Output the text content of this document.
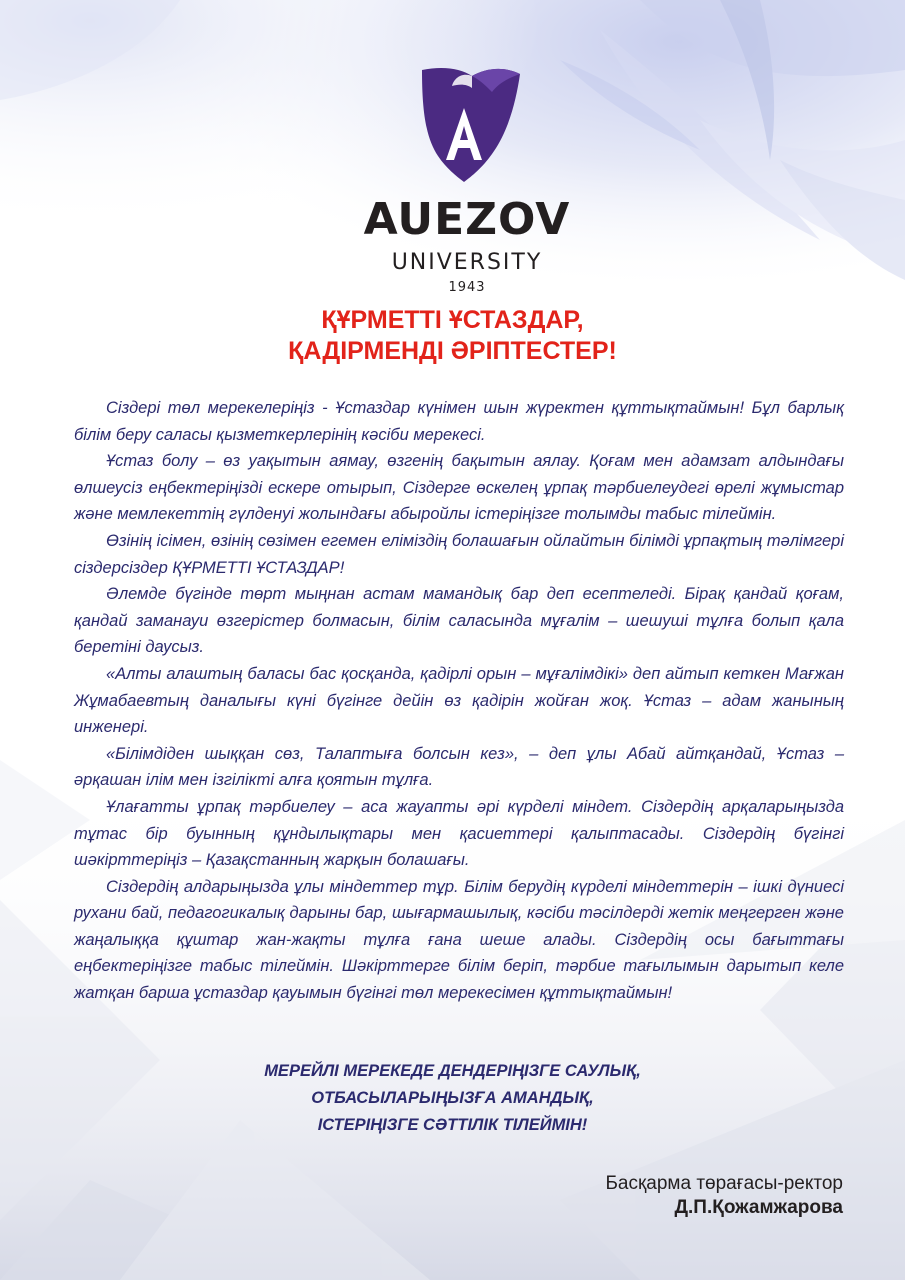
AUEZOV
UNIVERSITY
1943
ҚҰРМЕТТІ ҰСТАЗДАР,
ҚАДІРМЕНДІ ӘРІПТЕСТЕР!

Сіздері төл мерекелеріңіз - Ұстаздар күнімен шын жүректен құттықтаймын! Бұл барлық білім беру саласы қызметкерлерінің кәсіби мерекесі.

Ұстаз болу – өз уақытын аямау, өзгенің бақытын аялау. Қоғам мен адамзат алдындағы өлшеусіз еңбектеріңізді ескере отырып, Сіздерге өскелең ұрпақ тәрбиелеудегі өрелі жұмыстар және мемлекеттің гүлденуі жолындағы абыройлы істеріңізге толымды табыс тілеймін.

Өзінің ісімен, өзінің сөзімен егемен еліміздің болашағын ойлайтын білімді ұрпақтың тәлімгері сіздерсіздер ҚҰРМЕТТІ ҰСТАЗДАР!

Әлемде бүгінде төрт мыңнан астам мамандық бар деп есептеледі. Бірақ қандай қоғам, қандай заманауи өзгерістер болмасын, білім саласында мұғалім – шешуші тұлға болып қала беретіні даусыз.

«Алты алаштың баласы бас қосқанда, қадірлі орын – мұғалімдікі» деп айтып кеткен Мағжан Жұмабаевтың даналығы күні бүгінге дейін өз қадірін жойған жоқ. Ұстаз – адам жанының инженері.

«Білімдіден шыққан сөз, Талаптыға болсын кез», – деп ұлы Абай айтқандай, Ұстаз – әрқашан ілім мен ізгілікті алға қоятын тұлға.

Ұлағатты ұрпақ тәрбиелеу – аса жауапты әрі күрделі міндет. Сіздердің арқаларыңызда тұтас бір буынның құндылықтары мен қасиеттері қалыптасады. Сіздердің бүгінгі шәкірттеріңіз – Қазақстанның жарқын болашағы.

Сіздердің алдарыңызда ұлы міндеттер тұр. Білім берудің күрделі міндеттерін – ішкі дүниесі рухани бай, педагогикалық дарыны бар, шығармашылық, кәсіби тәсілдерді жетік меңгерген және жаңалыққа құштар жан-жақты тұлға ғана шеше алады. Сіздердің осы бағыттағы еңбектеріңізге табыс тілеймін. Шәкірттерге білім беріп, тәрбие тағылымын дарытып келе жатқан барша ұстаздар қауымын бүгінгі төл мерекесімен құттықтаймын!

МЕРЕЙЛІ МЕРЕКЕДЕ ДЕНДЕРІҢІЗГЕ САУЛЫҚ,
ОТБАСЫЛАРЫҢЫЗҒА АМАНДЫҚ,
ІСТЕРІҢІЗГЕ СӘТТІЛІК ТІЛЕЙМІН!
Басқарма төрағасы-ректор
Д.П.Қожамжарова
